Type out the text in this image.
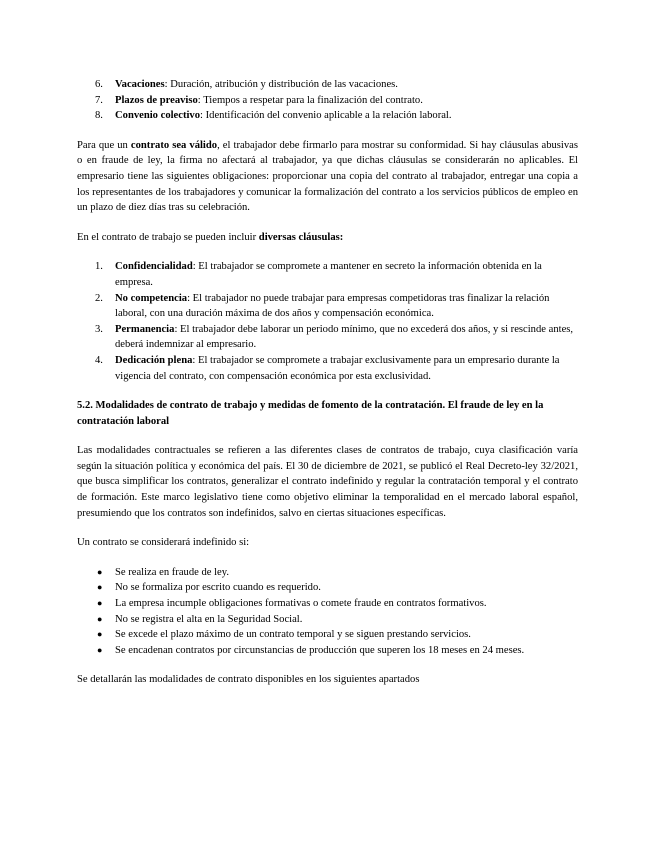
6. Vacaciones: Duración, atribución y distribución de las vacaciones.
7. Plazos de preaviso: Tiempos a respetar para la finalización del contrato.
8. Convenio colectivo: Identificación del convenio aplicable a la relación laboral.

Para que un contrato sea válido, el trabajador debe firmarlo para mostrar su conformidad. Si hay cláusulas abusivas o en fraude de ley, la firma no afectará al trabajador, ya que dichas cláusulas se considerarán no aplicables. El empresario tiene las siguientes obligaciones: proporcionar una copia del contrato al trabajador, entregar una copia a los representantes de los trabajadores y comunicar la formalización del contrato a los servicios públicos de empleo en un plazo de diez días tras su celebración.

En el contrato de trabajo se pueden incluir diversas cláusulas:

1. Confidencialidad: El trabajador se compromete a mantener en secreto la información obtenida en la empresa.
2. No competencia: El trabajador no puede trabajar para empresas competidoras tras finalizar la relación laboral, con una duración máxima de dos años y compensación económica.
3. Permanencia: El trabajador debe laborar un periodo mínimo, que no excederá dos años, y si rescinde antes, deberá indemnizar al empresario.
4. Dedicación plena: El trabajador se compromete a trabajar exclusivamente para un empresario durante la vigencia del contrato, con compensación económica por esta exclusividad.

5.2. Modalidades de contrato de trabajo y medidas de fomento de la contratación. El fraude de ley en la contratación laboral

Las modalidades contractuales se refieren a las diferentes clases de contratos de trabajo, cuya clasificación varía según la situación política y económica del país. El 30 de diciembre de 2021, se publicó el Real Decreto-ley 32/2021, que busca simplificar los contratos, generalizar el contrato indefinido y regular la contratación temporal y el contrato de formación. Este marco legislativo tiene como objetivo eliminar la temporalidad en el mercado laboral español, presumiendo que los contratos son indefinidos, salvo en ciertas situaciones específicas.

Un contrato se considerará indefinido si:

● Se realiza en fraude de ley.
● No se formaliza por escrito cuando es requerido.
● La empresa incumple obligaciones formativas o comete fraude en contratos formativos.
● No se registra el alta en la Seguridad Social.
● Se excede el plazo máximo de un contrato temporal y se siguen prestando servicios.
● Se encadenan contratos por circunstancias de producción que superen los 18 meses en 24 meses.

Se detallarán las modalidades de contrato disponibles en los siguientes apartados
